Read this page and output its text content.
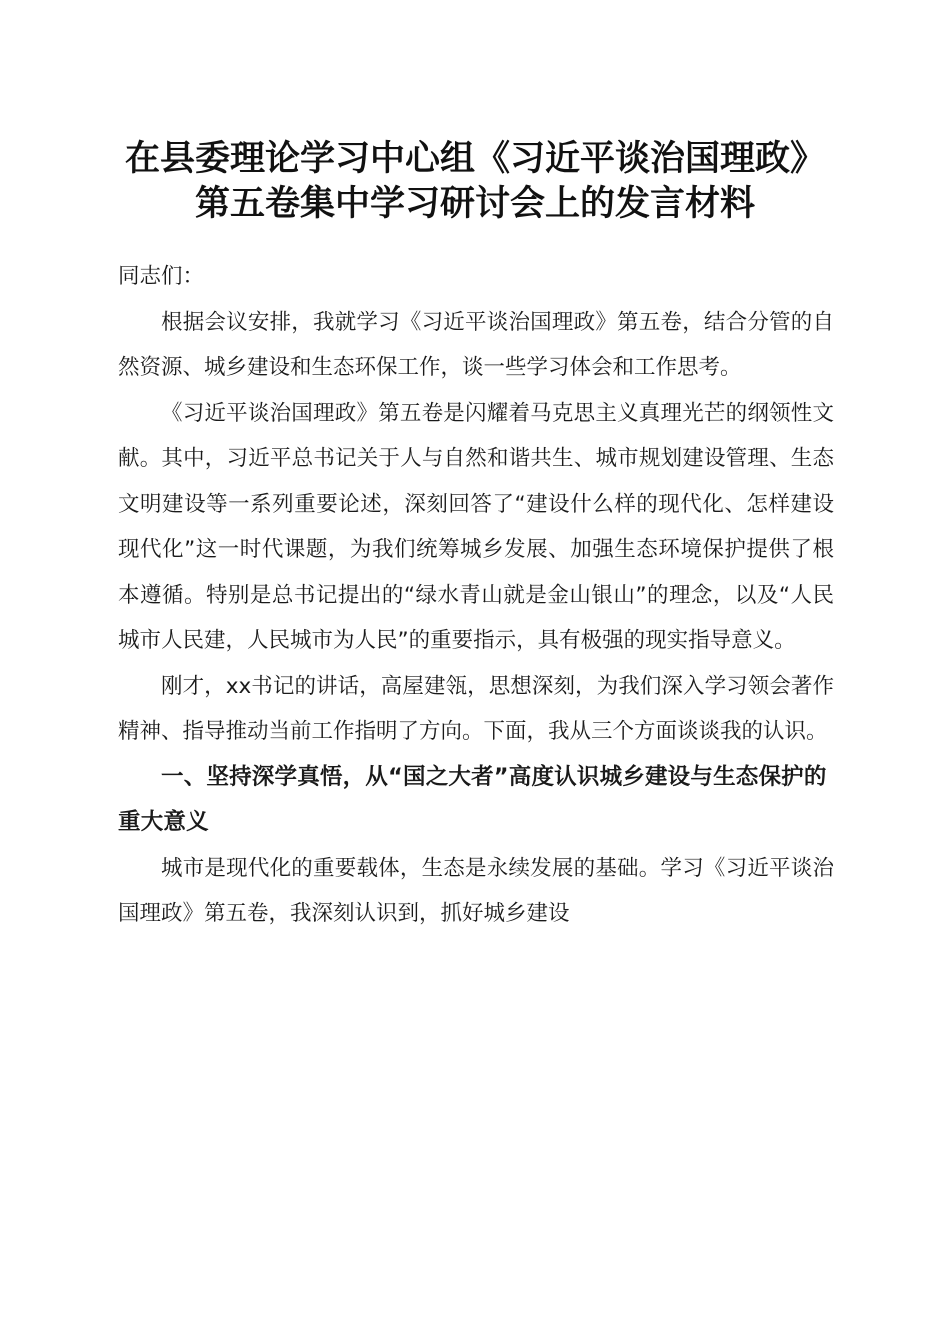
在县委理论学习中心组《习近平谈治国理政》
第五卷集中学习研讨会上的发言材料

同志们：

根据会议安排，我就学习《习近平谈治国理政》第五卷，结合分管的自然资源、城乡建设和生态环保工作，谈一些学习体会和工作思考。

《习近平谈治国理政》第五卷是闪耀着马克思主义真理光芒的纲领性文献。其中，习近平总书记关于人与自然和谐共生、城市规划建设管理、生态文明建设等一系列重要论述，深刻回答了“建设什么样的现代化、怎样建设现代化”这一时代课题，为我们统筹城乡发展、加强生态环境保护提供了根本遵循。特别是总书记提出的“绿水青山就是金山银山”的理念，以及“人民城市人民建，人民城市为人民”的重要指示，具有极强的现实指导意义。

刚才，xx书记的讲话，高屋建瓴，思想深刻，为我们深入学习领会著作精神、指导推动当前工作指明了方向。下面，我从三个方面谈谈我的认识。

一、坚持深学真悟，从“国之大者”高度认识城乡建设与生态保护的重大意义

城市是现代化的重要载体，生态是永续发展的基础。学习《习近平谈治国理政》第五卷，我深刻认识到，抓好城乡建设
